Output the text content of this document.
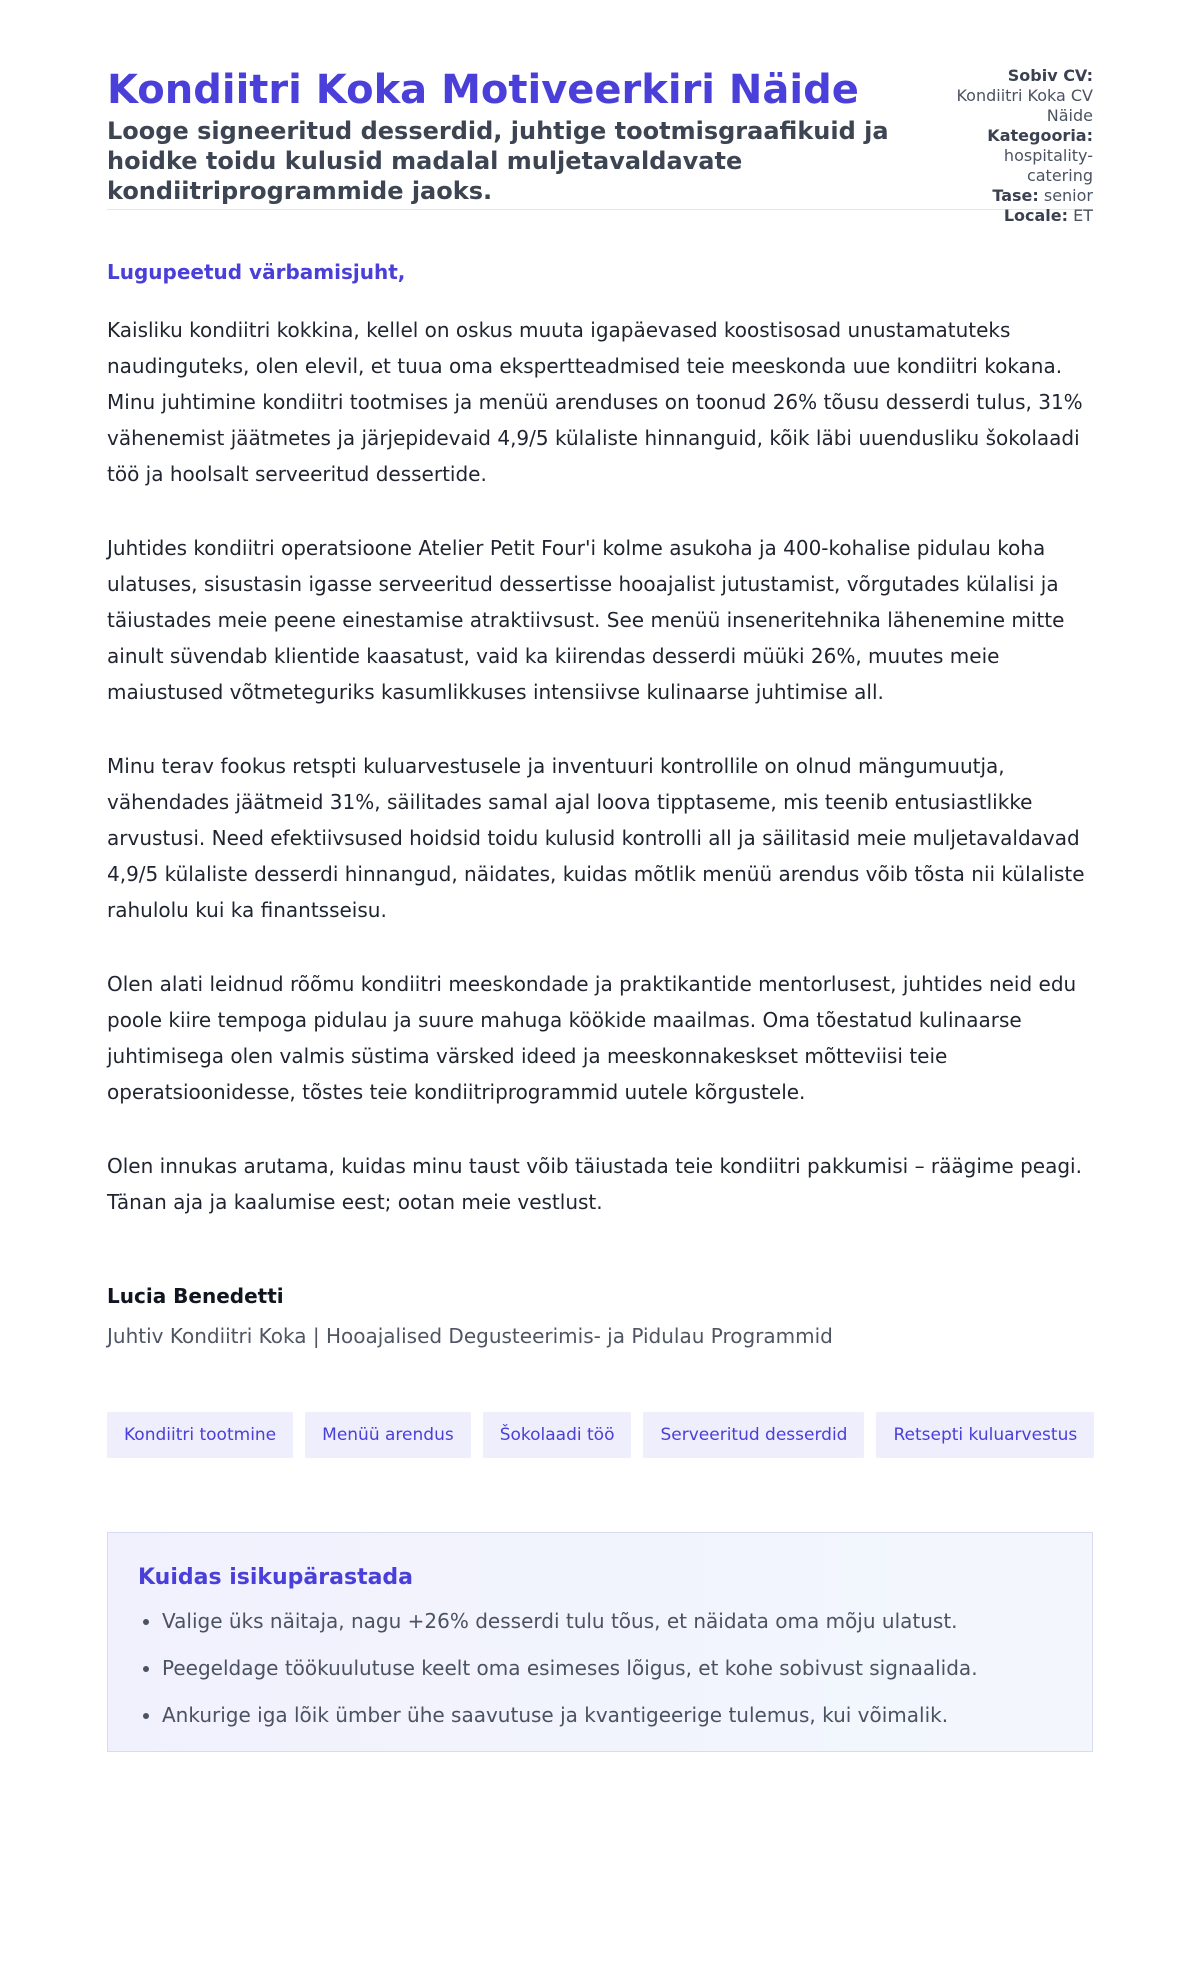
Kondiitri Koka Motiveerkiri Näide

Looge signeeritud desserdid, juhtige tootmisgraafikuid ja hoidke toidu kulusid madalal muljetavaldavate kondiitriprogrammide jaoks.

Sobiv CV:

Kondiitri Koka CV Näide

Kategooria:

hospitality-catering

Tase: senior

Locale: ET

Lugupeetud värbamisjuht,

Kaisliku kondiitri kokkina, kellel on oskus muuta igapäevased koostisosad unustamatuteks naudinguteks, olen elevil, et tuua oma ekspertteadmised teie meeskonda uue kondiitri kokana. Minu juhtimine kondiitri tootmises ja menüü arenduses on toonud 26% tõusu desserdi tulus, 31% vähenemist jäätmetes ja järjepidevaid 4,9/5 külaliste hinnanguid, kõik läbi uuendusliku šokolaadi töö ja hoolsalt serveeritud dessertide.

Juhtides kondiitri operatsioone Atelier Petit Four'i kolme asukoha ja 400-kohalise pidulau koha ulatuses, sisustasin igasse serveeritud dessertisse hooajalist jutustamist, võrgutades külalisi ja täiustades meie peene einestamise atraktiivsust. See menüü inseneritehnika lähenemine mitte ainult süvendab klientide kaasatust, vaid ka kiirendas desserdi müüki 26%, muutes meie maiustused võtmeteguriks kasumlikkuses intensiivse kulinaarse juhtimise all.

Minu terav fookus retspti kuluarvestusele ja inventuuri kontrollile on olnud mängumuutja, vähendades jäätmeid 31%, säilitades samal ajal loova tipptaseme, mis teenib entusiastlikke arvustusi. Need efektiivsused hoidsid toidu kulusid kontrolli all ja säilitasid meie muljetavaldavad 4,9/5 külaliste desserdi hinnangud, näidates, kuidas mõtlik menüü arendus võib tõsta nii külaliste rahulolu kui ka finantsseisu.

Olen alati leidnud rõõmu kondiitri meeskondade ja praktikantide mentorlusest, juhtides neid edu poole kiire tempoga pidulau ja suure mahuga köökide maailmas. Oma tõestatud kulinaarse juhtimisega olen valmis süstima värsked ideed ja meeskonnakeskset mõtteviisi teie operatsioonidesse, tõstes teie kondiitriprogrammid uutele kõrgustele.

Olen innukas arutama, kuidas minu taust võib täiustada teie kondiitri pakkumisi – räägime peagi. Tänan aja ja kaalumise eest; ootan meie vestlust.

Lucia Benedetti

Juhtiv Kondiitri Koka | Hooajalised Degusteerimis- ja Pidulau Programmid

Kondiitri tootmine	Menüü arendus	Šokolaadi töö	Serveeritud desserdid	Retsepti kuluarvestus
Kuidas isikupärastada
• Valige üks näitaja, nagu +26% desserdi tulu tõus, et näidata oma mõju ulatust.
• Peegeldage töökuulutuse keelt oma esimeses lõigus, et kohe sobivust signaalida.
• Ankurige iga lõik ümber ühe saavutuse ja kvantigeerige tulemus, kui võimalik.
